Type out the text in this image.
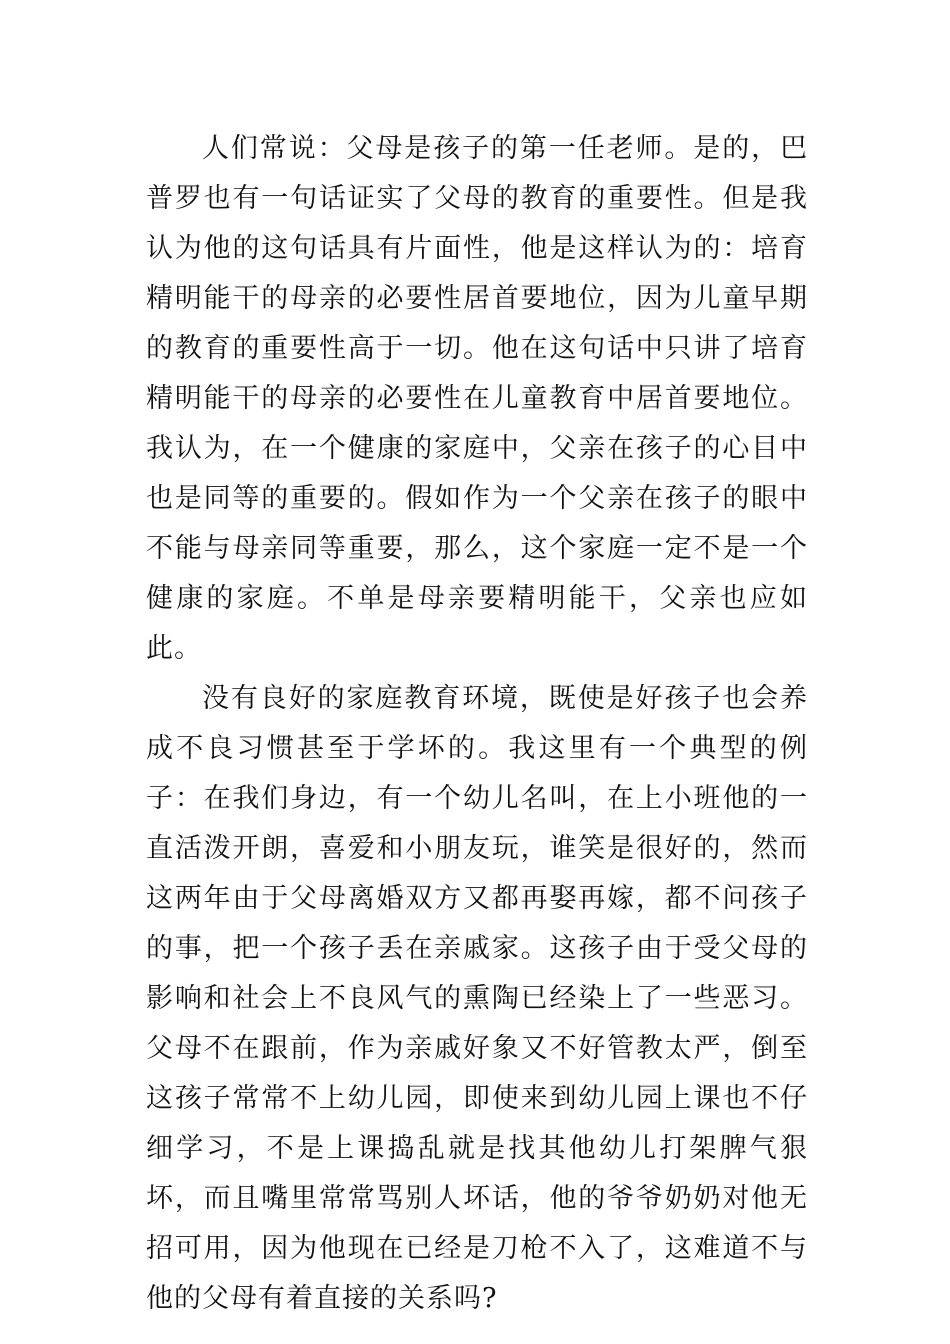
人们常说：父母是孩子的第一任老师。是的，巴普罗也有一句话证实了父母的教育的重要性。但是我认为他的这句话具有片面性，他是这样认为的：培育精明能干的母亲的必要性居首要地位，因为儿童早期的教育的重要性高于一切。他在这句话中只讲了培育精明能干的母亲的必要性在儿童教育中居首要地位。我认为，在一个健康的家庭中，父亲在孩子的心目中也是同等的重要的。假如作为一个父亲在孩子的眼中不能与母亲同等重要，那么，这个家庭一定不是一个健康的家庭。不单是母亲要精明能干，父亲也应如此。

没有良好的家庭教育环境，既使是好孩子也会养成不良习惯甚至于学坏的。我这里有一个典型的例子：在我们身边，有一个幼儿名叫，在上小班他的一直活泼开朗，喜爱和小朋友玩，谁笑是很好的，然而这两年由于父母离婚双方又都再娶再嫁，都不问孩子的事，把一个孩子丢在亲戚家。这孩子由于受父母的影响和社会上不良风气的熏陶已经染上了一些恶习。父母不在跟前，作为亲戚好象又不好管教太严，倒至这孩子常常不上幼儿园，即使来到幼儿园上课也不仔细学习，不是上课捣乱就是找其他幼儿打架脾气狠坏，而且嘴里常常骂别人坏话，他的爷爷奶奶对他无招可用，因为他现在已经是刀枪不入了，这难道不与他的父母有着直接的关系吗?
